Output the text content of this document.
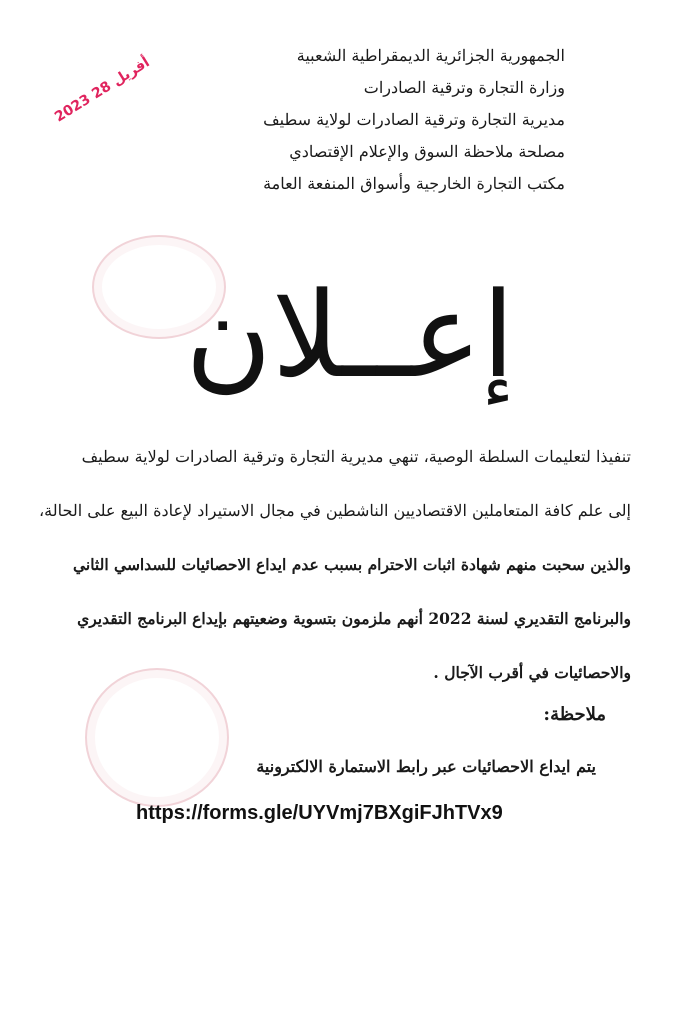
الجمهورية الجزائرية الديمقراطية الشعبية
وزارة التجارة وترقية الصادرات
مديرية التجارة وترقية الصادرات لولاية سطيف
مصلحة ملاحظة السوق والإعلام الإقتصادي
مكتب التجارة الخارجية وأسواق المنفعة العامة
2023 أفريل 28
إعــلان
تنفيذا لتعليمات السلطة الوصية، تنهي مديرية التجارة وترقية الصادرات لولاية سطيف
إلى علم كافة المتعاملين الاقتصاديين الناشطين في مجال الاستيراد لإعادة البيع على الحالة،
والذين سحبت منهم شهادة اثبات الاحترام بسبب عدم ايداع الاحصائيات للسداسي الثاني
والبرنامج التقديري لسنة 2022 أنهم ملزمون بتسوية وضعيتهم بإيداع البرنامج التقديري
والاحصائيات في أقرب الآجال .
ملاحظة:
يتم ايداع الاحصائيات عبر رابط الاستمارة الالكترونية
https://forms.gle/UYVmj7BXgiFJhTVx9
